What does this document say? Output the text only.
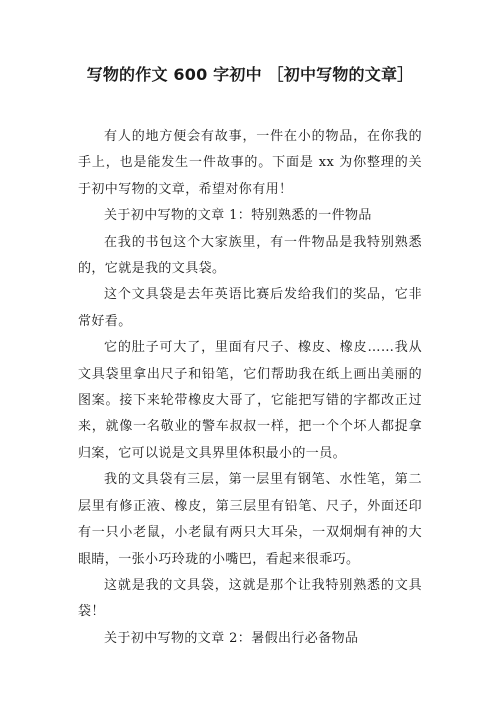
写物的作文 600 字初中 ［初中写物的文章］

有人的地方便会有故事，一件在小的物品，在你我的手上，也是能发生一件故事的。下面是 xx 为你整理的关于初中写物的文章，希望对你有用！

关于初中写物的文章 1：特别熟悉的一件物品

在我的书包这个大家族里，有一件物品是我特别熟悉的，它就是我的文具袋。

这个文具袋是去年英语比赛后发给我们的奖品，它非常好看。

它的肚子可大了，里面有尺子、橡皮、橡皮……我从文具袋里拿出尺子和铅笔，它们帮助我在纸上画出美丽的图案。接下来轮带橡皮大哥了，它能把写错的字都改正过来，就像一名敬业的警车叔叔一样，把一个个坏人都捉拿归案，它可以说是文具界里体积最小的一员。

我的文具袋有三层，第一层里有钢笔、水性笔，第二层里有修正液、橡皮，第三层里有铅笔、尺子，外面还印有一只小老鼠，小老鼠有两只大耳朵，一双炯炯有神的大眼睛，一张小巧玲珑的小嘴巴，看起来很乖巧。

这就是我的文具袋，这就是那个让我特别熟悉的文具袋！

关于初中写物的文章 2：暑假出行必备物品
